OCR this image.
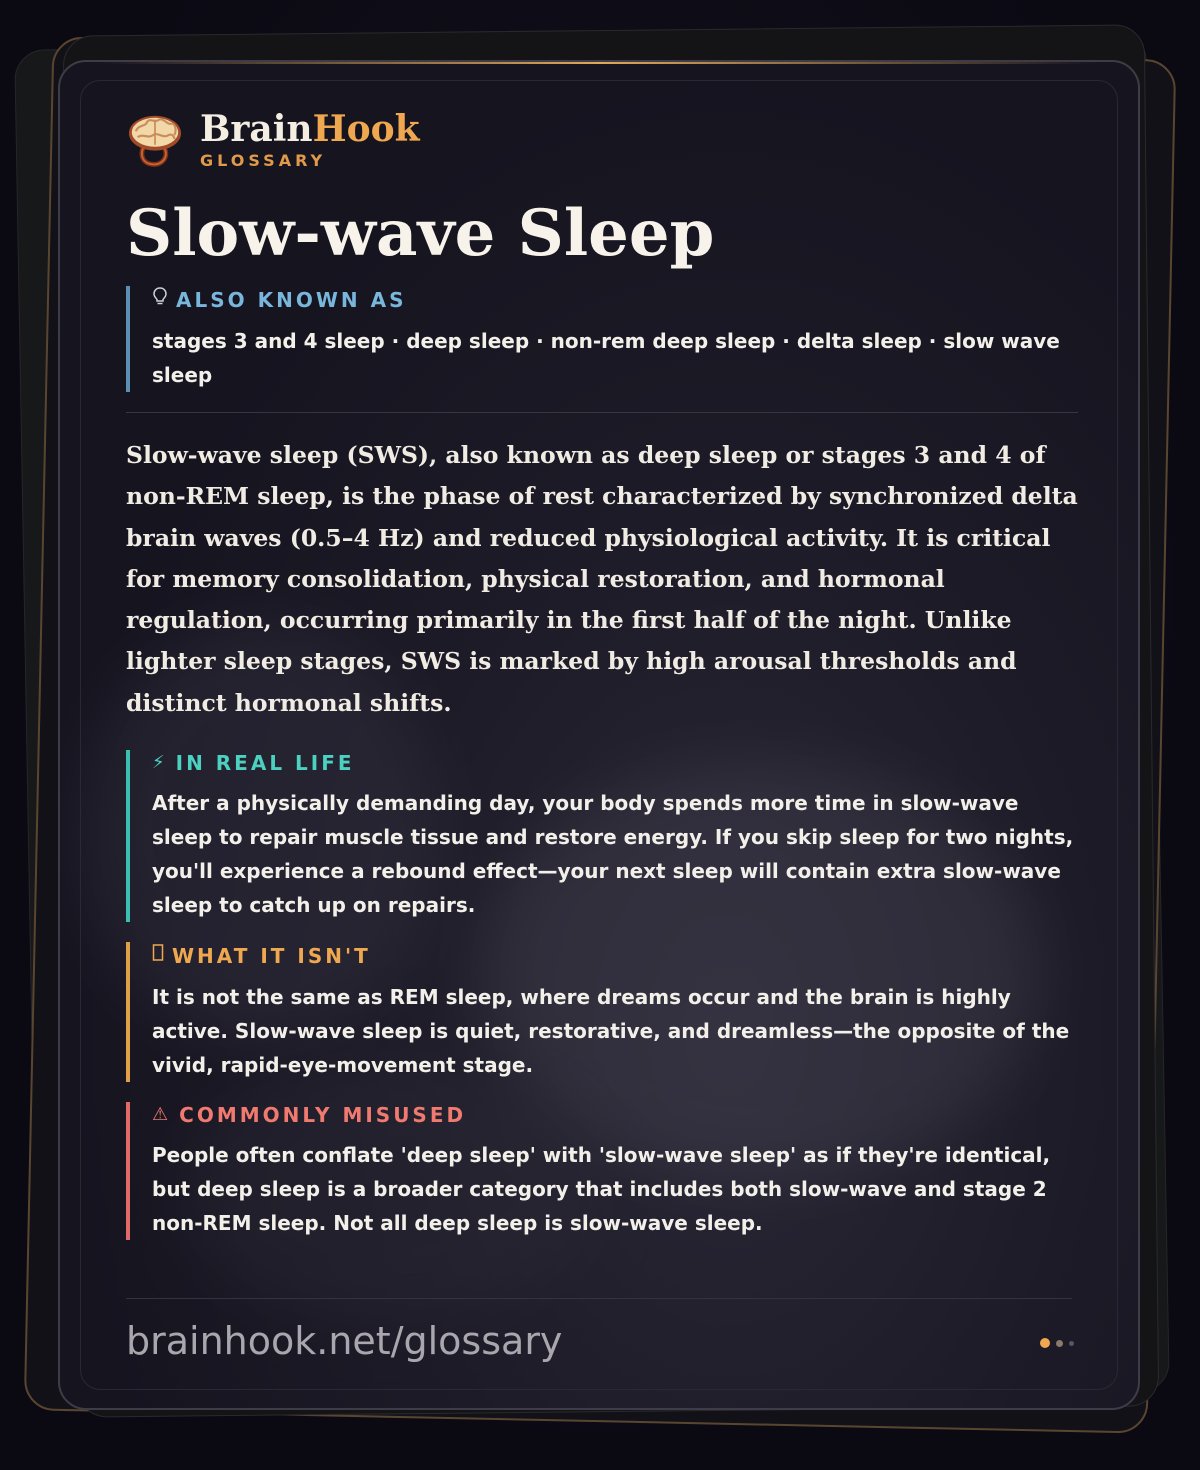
BrainHook
GLOSSARY
Slow-wave Sleep
ALSO KNOWN AS
stages 3 and 4 sleep · deep sleep · non-rem deep sleep · delta sleep · slow wave sleep
Slow-wave sleep (SWS), also known as deep sleep or stages 3 and 4 of non-REM sleep, is the phase of rest characterized by synchronized delta brain waves (0.5–4 Hz) and reduced physiological activity. It is critical for memory consolidation, physical restoration, and hormonal regulation, occurring primarily in the first half of the night. Unlike lighter sleep stages, SWS is marked by high arousal thresholds and distinct hormonal shifts.
⚡ IN REAL LIFE
After a physically demanding day, your body spends more time in slow-wave sleep to repair muscle tissue and restore energy. If you skip sleep for two nights, you'll experience a rebound effect—your next sleep will contain extra slow-wave sleep to catch up on repairs.
WHAT IT ISN'T
It is not the same as REM sleep, where dreams occur and the brain is highly active. Slow-wave sleep is quiet, restorative, and dreamless—the opposite of the vivid, rapid-eye-movement stage.
⚠ COMMONLY MISUSED
People often conflate 'deep sleep' with 'slow-wave sleep' as if they're identical, but deep sleep is a broader category that includes both slow-wave and stage 2 non-REM sleep. Not all deep sleep is slow-wave sleep.
brainhook.net/glossary
